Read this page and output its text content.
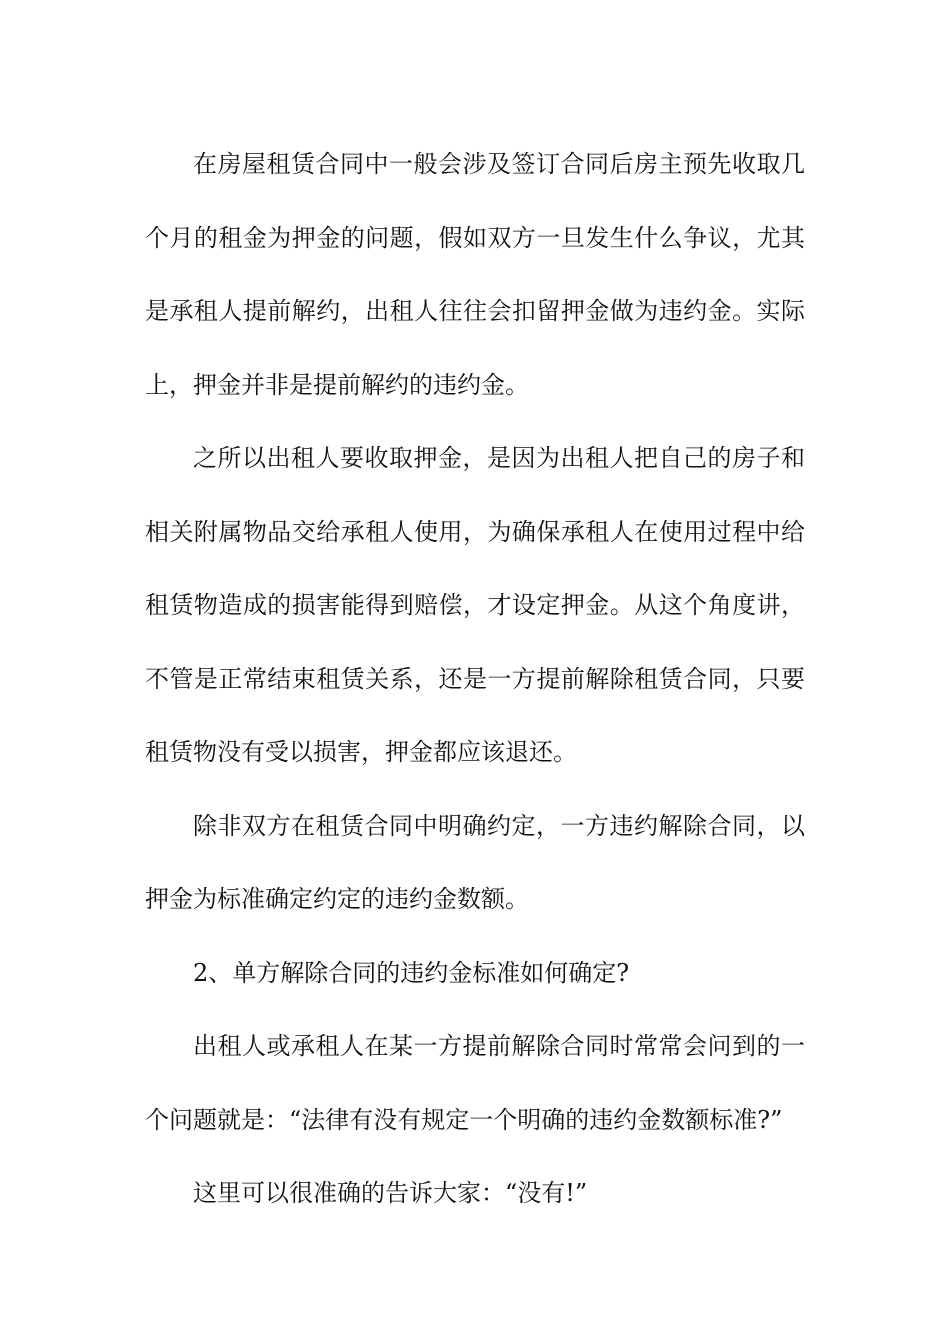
在房屋租赁合同中一般会涉及签订合同后房主预先收取几个月的租金为押金的问题，假如双方一旦发生什么争议，尤其是承租人提前解约，出租人往往会扣留押金做为违约金。实际上，押金并非是提前解约的违约金。

之所以出租人要收取押金，是因为出租人把自己的房子和相关附属物品交给承租人使用，为确保承租人在使用过程中给租赁物造成的损害能得到赔偿，才设定押金。从这个角度讲，不管是正常结束租赁关系，还是一方提前解除租赁合同，只要租赁物没有受以损害，押金都应该退还。

除非双方在租赁合同中明确约定，一方违约解除合同，以押金为标准确定约定的违约金数额。

2、单方解除合同的违约金标准如何确定?

出租人或承租人在某一方提前解除合同时常常会问到的一个问题就是：“法律有没有规定一个明确的违约金数额标准?”

这里可以很准确的告诉大家：“没有!”
